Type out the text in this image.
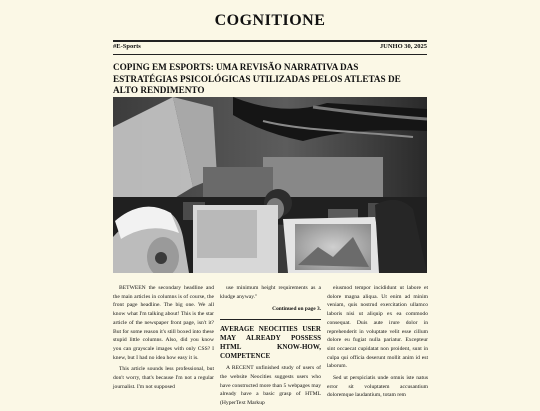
COGNITIONE
#E-Sports	JUNHO 30, 2025
COPING EM ESPORTS: UMA REVISÃO NARRATIVA DAS ESTRATÉGIAS PSICOLÓGICAS UTILIZADAS PELOS ATLETAS DE ALTO RENDIMENTO

BETWEEN the secondary headline and the main articles in columns is of course, the front page headline. The big one. We all know what I'm talking about! This is the star article of the newspaper front page, isn't it? But for some reason it's still boxed into these stupid little columns. Also, did you know you can grayscale images with only CSS? I knew, but I had no idea how easy it is.

This article sounds less professional, but don't worry, that's because I'm not a regular journalist. I'm not supposed

use minimum height requirements as a kludge anyway."

Continued on page 3.
AVERAGE NEOCITIES USER MAY ALREADY POSSESS HTML KNOW-HOW, COMPETENCE

A RECENT unfinished study of users of the website Neocities suggests users who have constructed more than 5 webpages may already have a basic grasp of HTML (HyperText Markup

eiusmod tempor incididunt ut labore et dolore magna aliqua. Ut enim ad minim veniam, quis nostrud exercitation ullamco laboris nisi ut aliquip ex ea commodo consequat. Duis aute irure dolor in reprehenderit in voluptate velit esse cillum dolore eu fugiat nulla pariatur. Excepteur sint occaecat cupidatat non proident, sunt in culpa qui officia deserunt mollit anim id est laborum.

Sed ut perspiciatis unde omnis iste natus error sit voluptatem accusantium doloremque laudantium, totam rem
